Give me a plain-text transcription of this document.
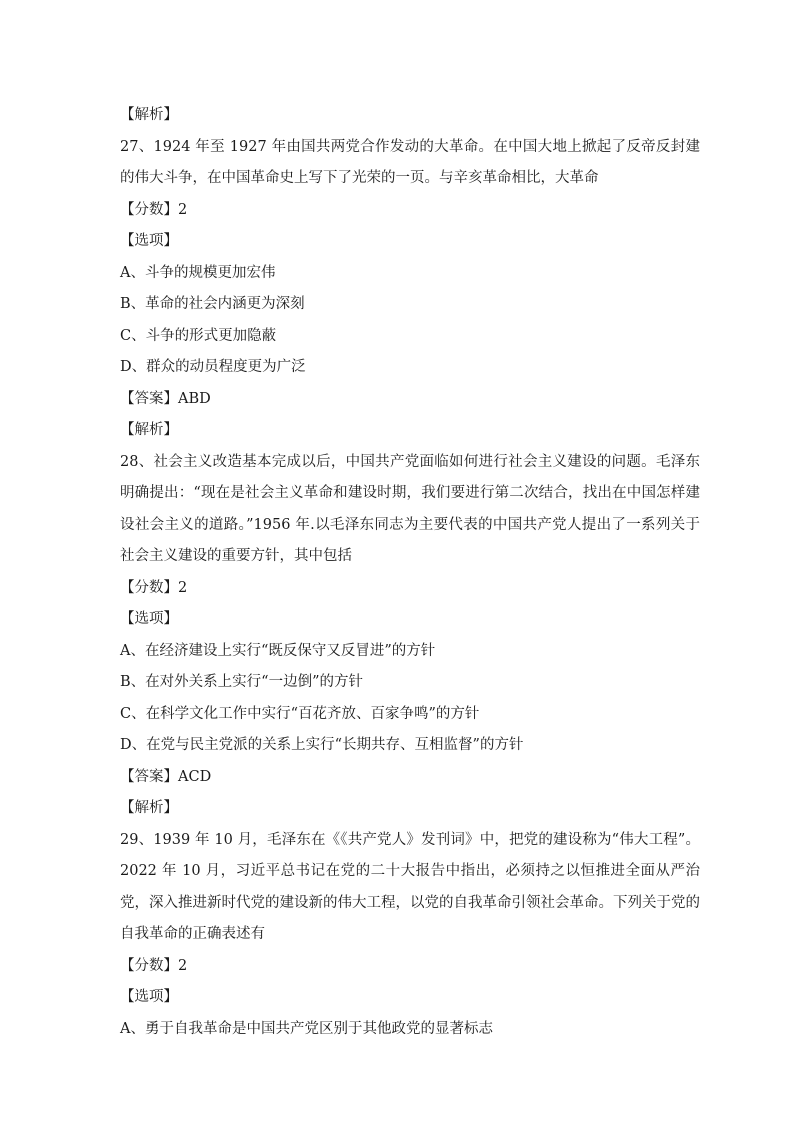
【解析】

27、1924 年至 1927 年由国共两党合作发动的大革命。在中国大地上掀起了反帝反封建的伟大斗争，在中国革命史上写下了光荣的一页。与辛亥革命相比，大革命

【分数】2

【选项】

A、斗争的规模更加宏伟

B、革命的社会内涵更为深刻

C、斗争的形式更加隐蔽

D、群众的动员程度更为广泛

【答案】ABD

【解析】

28、社会主义改造基本完成以后，中国共产党面临如何进行社会主义建设的问题。毛泽东明确提出：“现在是社会主义革命和建设时期，我们要进行第二次结合，找出在中国怎样建设社会主义的道路。”1956 年.以毛泽东同志为主要代表的中国共产党人提出了一系列关于社会主义建设的重要方针，其中包括

【分数】2

【选项】

A、在经济建设上实行“既反保守又反冒进”的方针

B、在对外关系上实行“一边倒”的方针

C、在科学文化工作中实行“百花齐放、百家争鸣”的方针

D、在党与民主党派的关系上实行“长期共存、互相监督”的方针

【答案】ACD

【解析】

29、1939 年 10 月，毛泽东在《《共产党人》发刊词》中，把党的建设称为“伟大工程”。2022 年 10 月，习近平总书记在党的二十大报告中指出，必须持之以恒推进全面从严治党，深入推进新时代党的建设新的伟大工程，以党的自我革命引领社会革命。下列关于党的自我革命的正确表述有

【分数】2

【选项】

A、勇于自我革命是中国共产党区别于其他政党的显著标志
